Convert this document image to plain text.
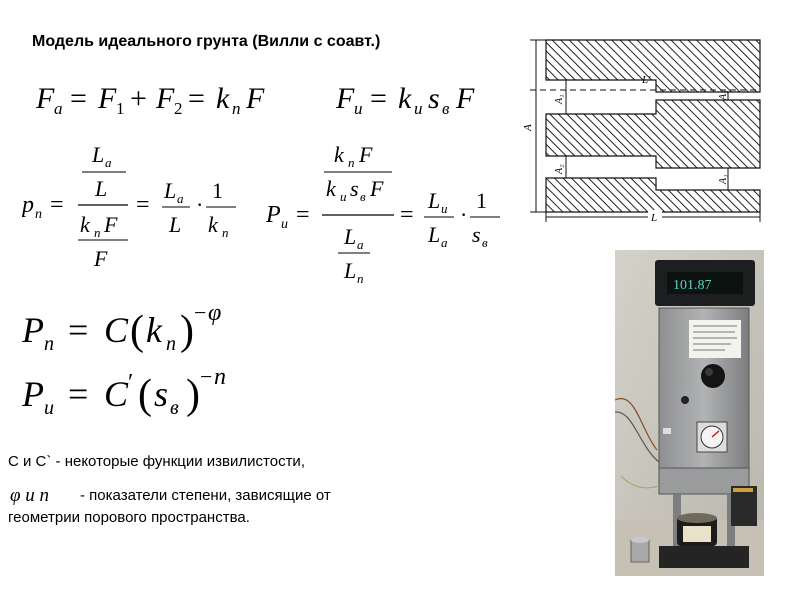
Модель идеального грунта (Вилли с соавт.)
F a = F 1 + F 2 = k n F F и = k и s в F
p n =
L a
L
k n F
F
=
L a
L
·
1
k n
P и =
k n F
k и s в F
L a
L n
=
L и
L a
·
1
s в
P n = C ( k n ) − φ
P и = C ′ ( s в ) − n
С и С` - некоторые функции извилистости,
φ и n - показатели степени, зависящие от
геометрии порового пространства.
A
A₁
A₂
A₂
A₁
L′
L
101.87
